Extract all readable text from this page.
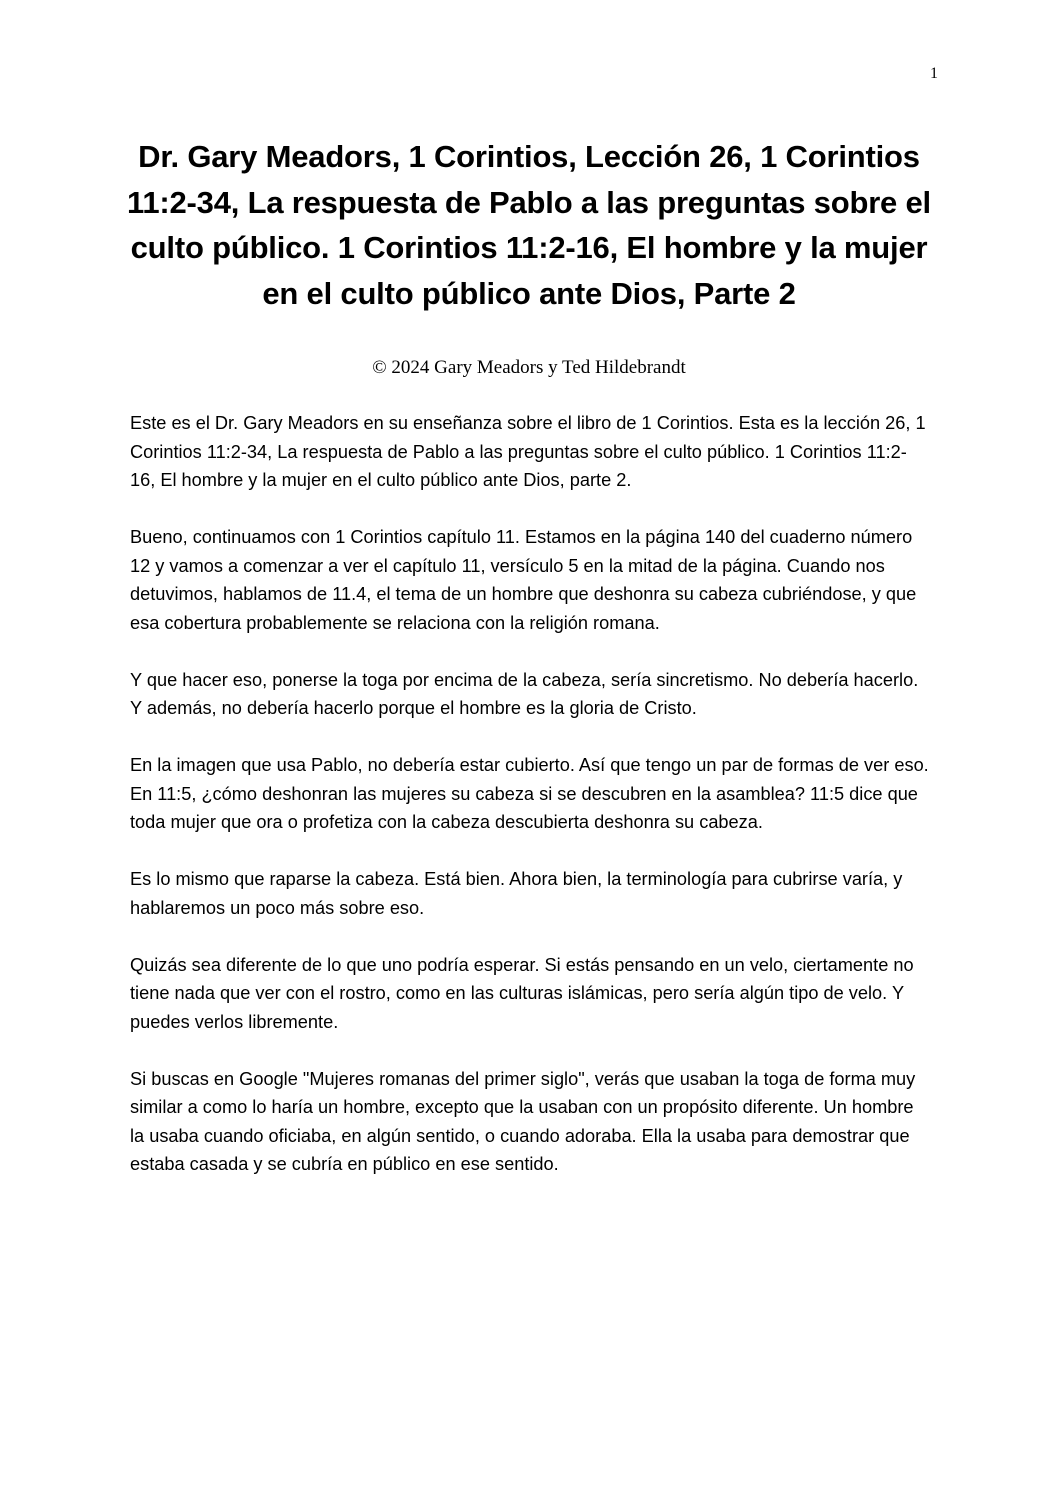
1
Dr. Gary Meadors, 1 Corintios, Lección 26, 1 Corintios 11:2-34, La respuesta de Pablo a las preguntas sobre el culto público. 1 Corintios 11:2-16, El hombre y la mujer en el culto público ante Dios, Parte 2
© 2024 Gary Meadors y Ted Hildebrandt

Este es el Dr. Gary Meadors en su enseñanza sobre el libro de 1 Corintios. Esta es la lección 26, 1 Corintios 11:2-34, La respuesta de Pablo a las preguntas sobre el culto público. 1 Corintios 11:2-16, El hombre y la mujer en el culto público ante Dios, parte 2.

Bueno, continuamos con 1 Corintios capítulo 11. Estamos en la página 140 del cuaderno número 12 y vamos a comenzar a ver el capítulo 11, versículo 5 en la mitad de la página. Cuando nos detuvimos, hablamos de 11.4, el tema de un hombre que deshonra su cabeza cubriéndose, y que esa cobertura probablemente se relaciona con la religión romana.

Y que hacer eso, ponerse la toga por encima de la cabeza, sería sincretismo. No debería hacerlo. Y además, no debería hacerlo porque el hombre es la gloria de Cristo.

En la imagen que usa Pablo, no debería estar cubierto. Así que tengo un par de formas de ver eso. En 11:5, ¿cómo deshonran las mujeres su cabeza si se descubren en la asamblea? 11:5 dice que toda mujer que ora o profetiza con la cabeza descubierta deshonra su cabeza.

Es lo mismo que raparse la cabeza. Está bien. Ahora bien, la terminología para cubrirse varía, y hablaremos un poco más sobre eso.

Quizás sea diferente de lo que uno podría esperar. Si estás pensando en un velo, ciertamente no tiene nada que ver con el rostro, como en las culturas islámicas, pero sería algún tipo de velo. Y puedes verlos libremente.

Si buscas en Google "Mujeres romanas del primer siglo", verás que usaban la toga de forma muy similar a como lo haría un hombre, excepto que la usaban con un propósito diferente. Un hombre la usaba cuando oficiaba, en algún sentido, o cuando adoraba. Ella la usaba para demostrar que estaba casada y se cubría en público en ese sentido.
